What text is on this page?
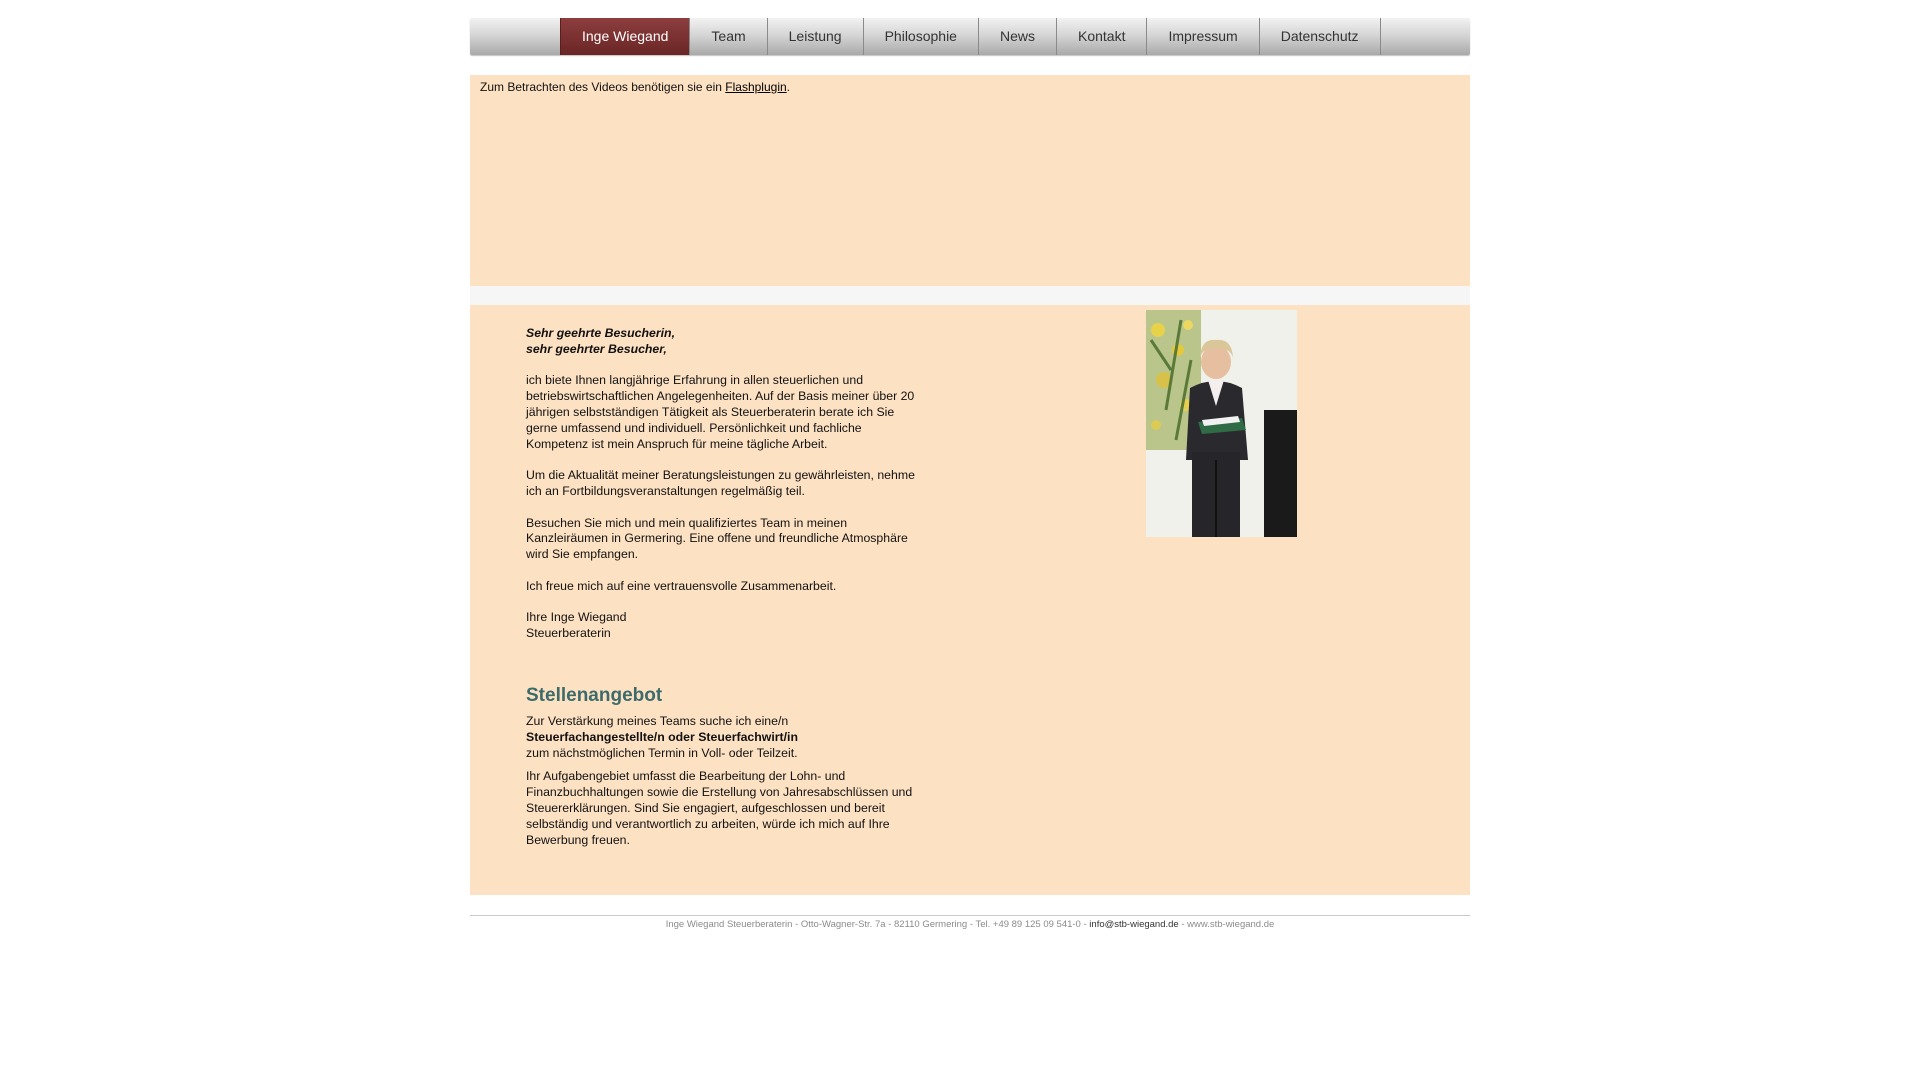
Inge Wiegand	Team	Leistung	Philosophie	News	Kontakt	Impressum	Datenschutz
Zum Betrachten des Videos benötigen sie ein Flashplugin.

Sehr geehrte Besucherin,
sehr geehrter Besucher,

ich biete Ihnen langjährige Erfahrung in allen steuerlichen und betriebswirtschaftlichen Angelegenheiten. Auf der Basis meiner über 20 jährigen selbstständigen Tätigkeit als Steuerberaterin berate ich Sie gerne umfassend und individuell. Persönlichkeit und fachliche Kompetenz ist mein Anspruch für meine tägliche Arbeit.

Um die Aktualität meiner Beratungsleistungen zu gewährleisten, nehme ich an Fortbildungsveranstaltungen regelmäßig teil.

Besuchen Sie mich und mein qualifiziertes Team in meinen Kanzleiräumen in Germering. Eine offene und freundliche Atmosphäre wird Sie empfangen.

Ich freue mich auf eine vertrauensvolle Zusammenarbeit.

Ihre Inge Wiegand
Steuerberaterin

Stellenangebot

Zur Verstärkung meines Teams suche ich eine/n
Steuerfachangestellte/n oder Steuerfachwirt/in
zum nächstmöglichen Termin in Voll- oder Teilzeit.

Ihr Aufgabengebiet umfasst die Bearbeitung der Lohn- und Finanzbuchhaltungen sowie die Erstellung von Jahresabschlüssen und Steuererklärungen. Sind Sie engagiert, aufgeschlossen und bereit selbständig und verantwortlich zu arbeiten, würde ich mich auf Ihre Bewerbung freuen.

Inge Wiegand Steuerberaterin - Otto-Wagner-Str. 7a - 82110 Germering - Tel. +49 89 125 09 541-0 - info@stb-wiegand.de - www.stb-wiegand.de
